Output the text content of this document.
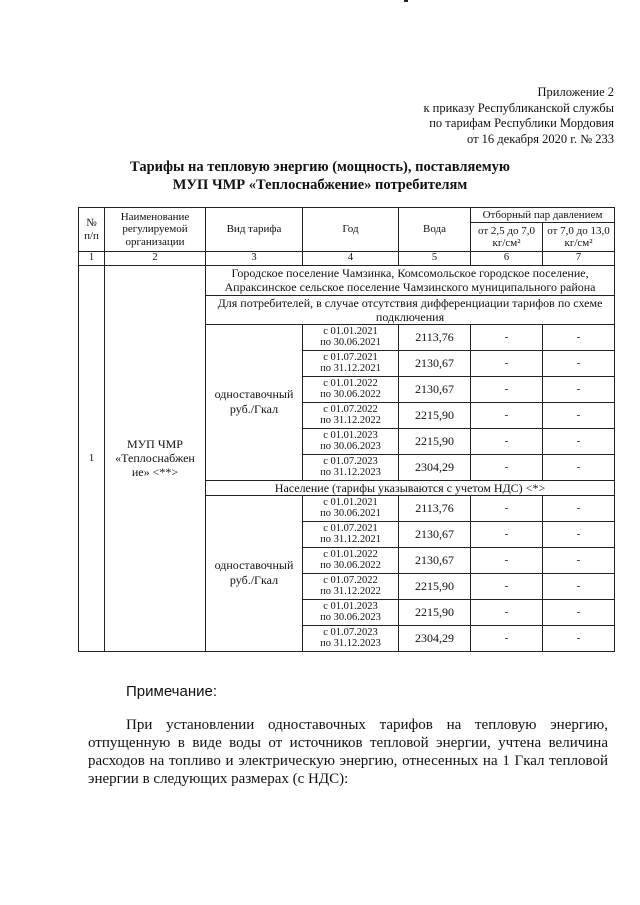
Приложение 2
к приказу Республиканской службы
по тарифам Республики Мордовия
от 16 декабря 2020 г. № 233
Тарифы на тепловую энергию (мощность), поставляемую
МУП ЧМР «Теплоснабжение» потребителям
№ п/п	Наименование регулируемой организации	Вид тарифа	Год	Вода	Отборный пар давлением	
					от 2,5 до 7,0 кг/см²	от 7,0 до 13,0 кг/см²
1	2	3	4	5	6	7
1	МУП ЧМР «Теплоснабжен ие» <**>	Городское поселение Чамзинка, Комсомольское городское поселение, Апраксинское сельское поселение Чамзинского муниципального района				
		Для потребителей, в случае отсутствия дифференциации тарифов по схеме подключения				
		одноставочный руб./Гкал	с 01.01.2021
по 30.06.2021	2113,76	-	-

			с 01.07.2021
по 31.12.2021	2130,67	-	-

			с 01.01.2022
по 30.06.2022	2130,67	-	-

			с 01.07.2022
по 31.12.2022	2215,90	-	-

			с 01.01.2023
по 30.06.2023	2215,90	-	-

			с 01.07.2023
по 31.12.2023	2304,29	-	-
		Население (тарифы указываются с учетом НДС) <*>				
		одноставочный руб./Гкал	с 01.01.2021
по 30.06.2021	2113,76	-	-

			с 01.07.2021
по 31.12.2021	2130,67	-	-

			с 01.01.2022
по 30.06.2022	2130,67	-	-

			с 01.07.2022
по 31.12.2022	2215,90	-	-

			с 01.01.2023
по 30.06.2023	2215,90	-	-

			с 01.07.2023
по 31.12.2023	2304,29	-	-
Примечание:
При установлении одноставочных тарифов на тепловую энергию, отпущенную в виде воды от источников тепловой энергии, учтена величина расходов на топливо и электрическую энергию, отнесенных на 1 Гкал тепловой энергии в следующих размерах (с НДС):
